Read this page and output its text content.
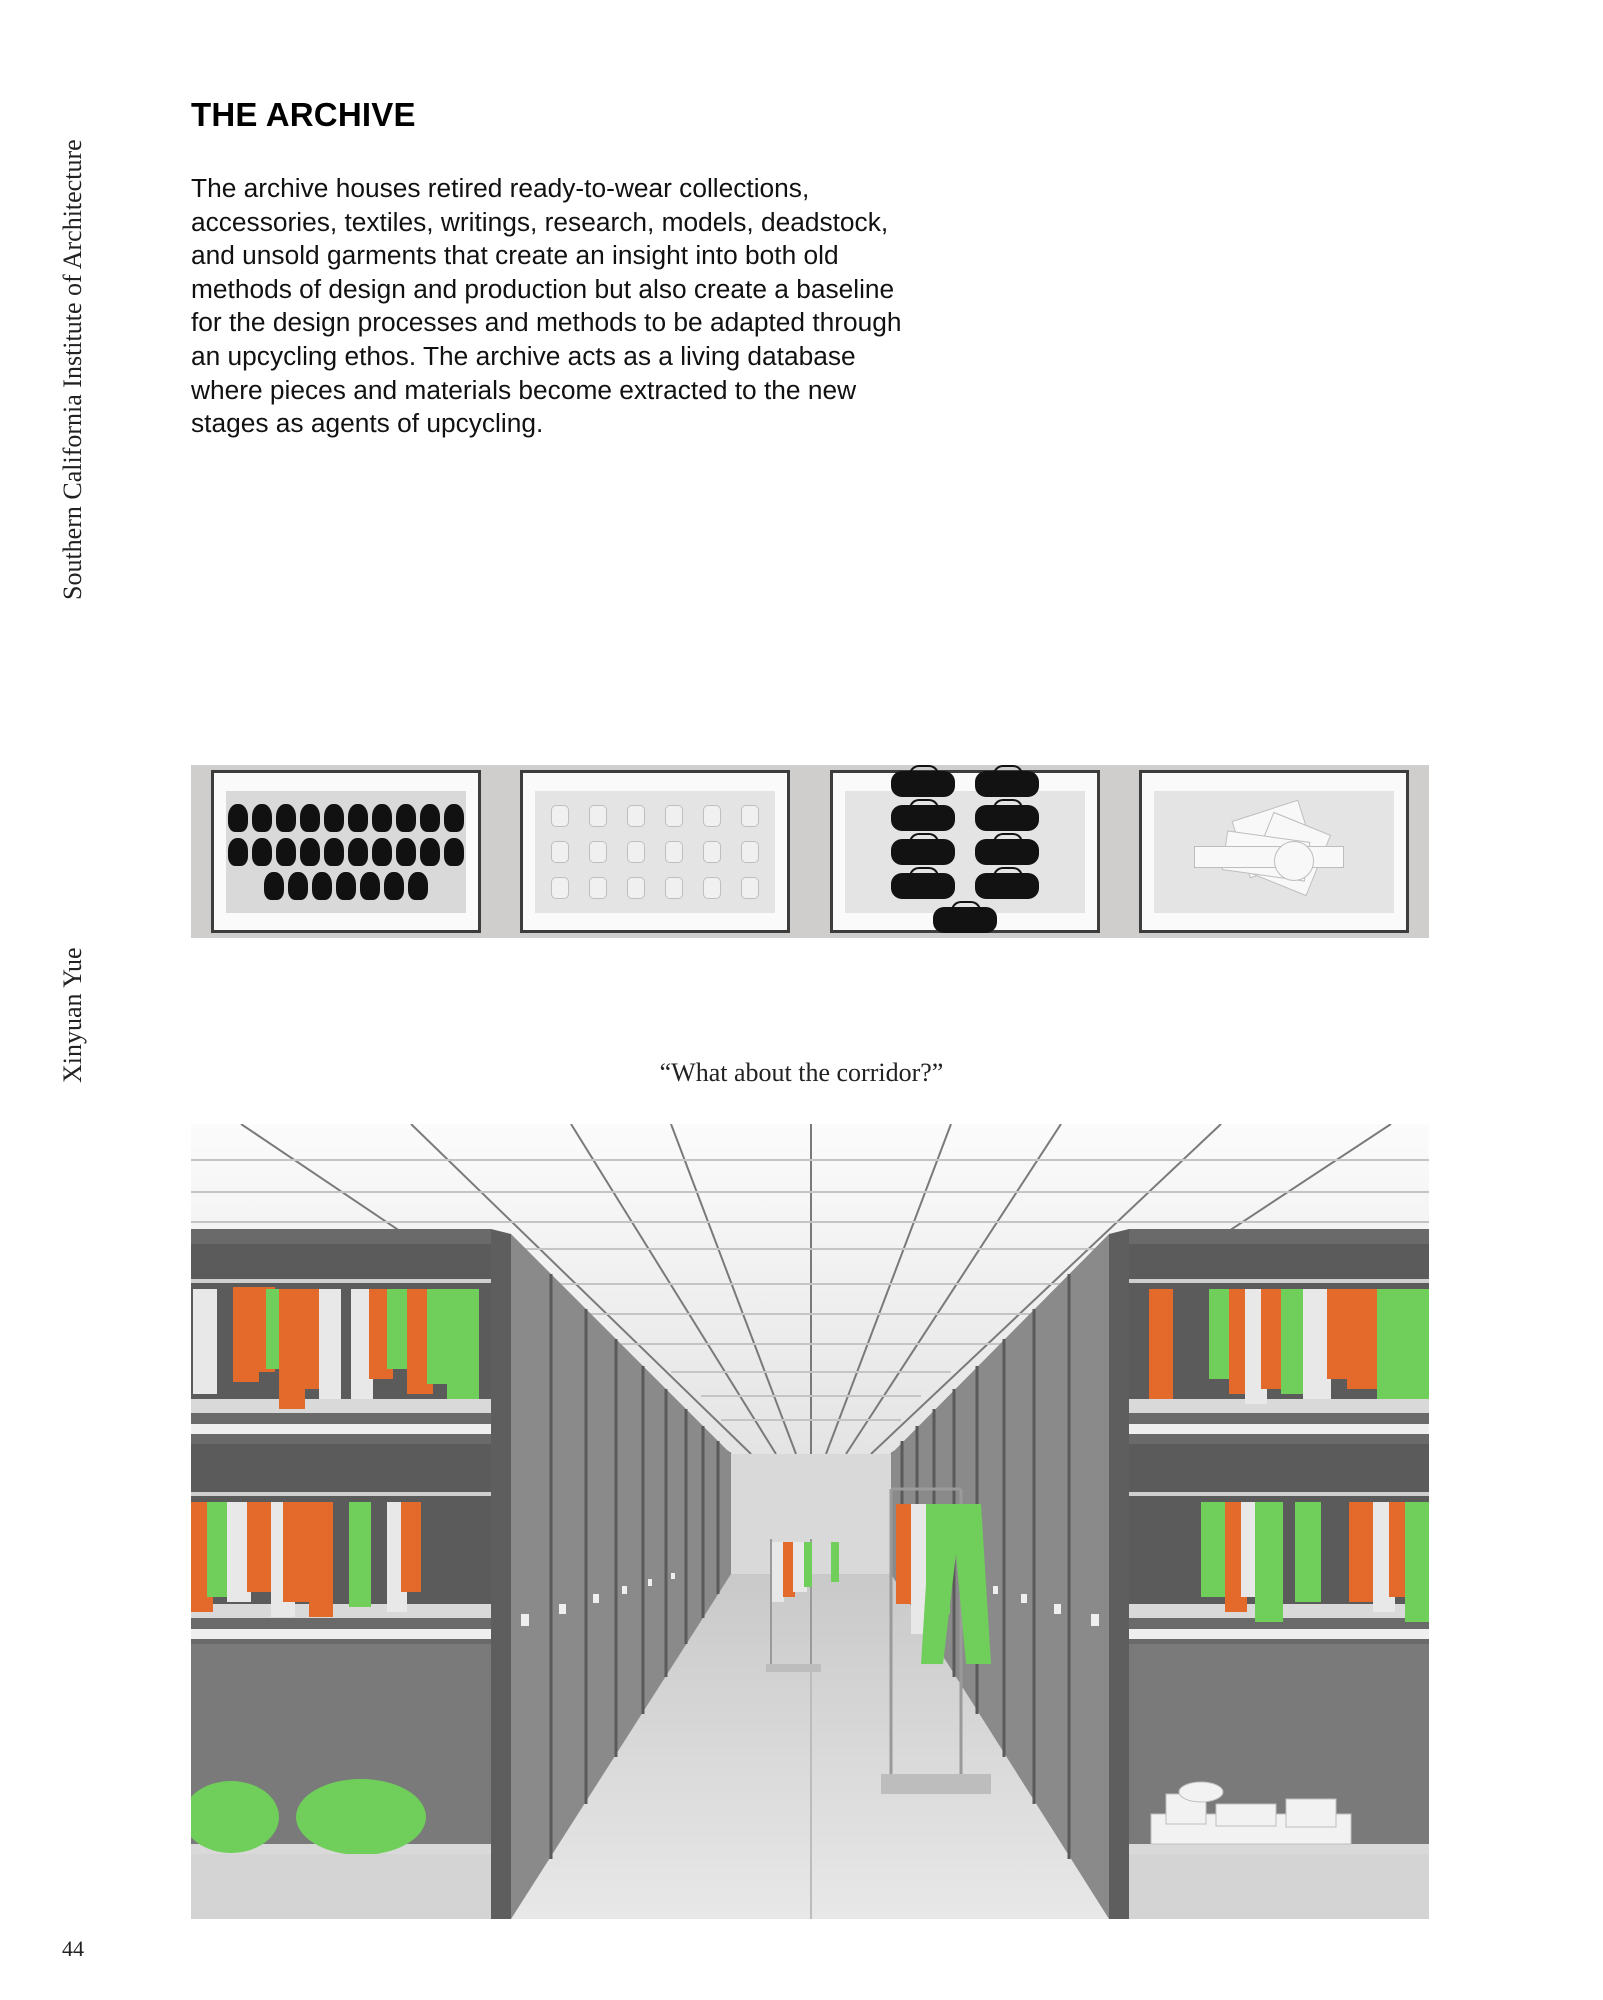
Southern California Institute of Architecture
Xinyuan Yue
THE ARCHIVE

The archive houses retired ready-to-wear collections, accessories, textiles, writings, research, models, deadstock, and unsold garments that create an insight into both old methods of design and production but also create a baseline for the design processes and methods to be adapted through an upcycling ethos. The archive acts as a living database where pieces and materials become extracted to the new stages as agents of upcycling.

“What about the corridor?”
44
